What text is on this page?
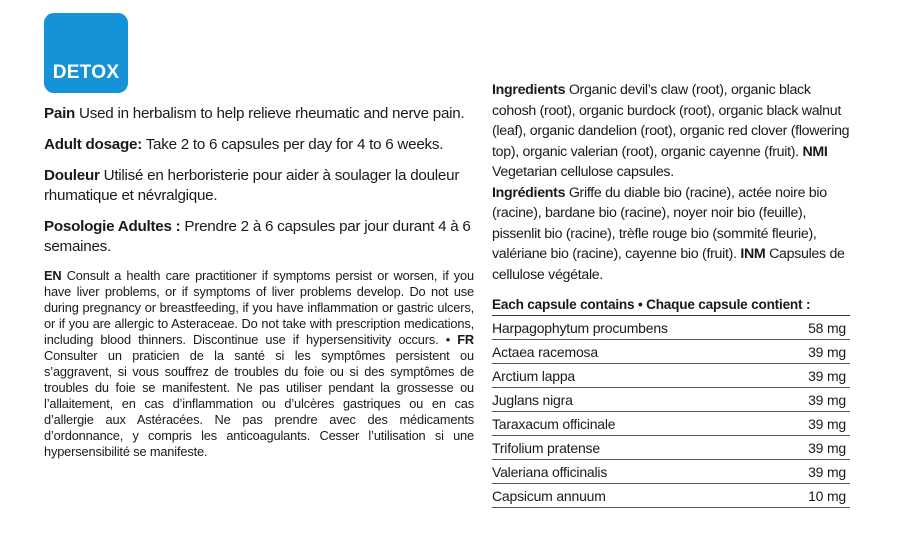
DETOX

Pain Used in herbalism to help relieve rheumatic and nerve pain.

Adult dosage: Take 2 to 6 capsules per day for 4 to 6 weeks.

Douleur Utilisé en herboristerie pour aider à soulager la douleur rhumatique et névralgique.

Posologie Adultes : Prendre 2 à 6 capsules par jour durant 4 à 6 semaines.

EN Consult a health care practitioner if symptoms persist or worsen, if you have liver problems, or if symptoms of liver problems develop. Do not use during pregnancy or breastfeeding, if you have inflammation or gastric ulcers, or if you are allergic to Asteraceae. Do not take with prescription medications, including blood thinners. Discontinue use if hypersensitivity occurs. • FR Consulter un praticien de la santé si les symptômes persistent ou s’aggravent, si vous souffrez de troubles du foie ou si des symptômes de troubles du foie se manifestent. Ne pas utiliser pendant la grossesse ou l’allaitement, en cas d’inflammation ou d’ulcères gastriques ou en cas d’allergie aux Astéracées. Ne pas prendre avec des médicaments d’ordonnance, y compris les anticoagulants. Cesser l’utilisation si une hypersensibilité se manifeste.

Ingredients Organic devil’s claw (root), organic black cohosh (root), organic burdock (root), organic black walnut (leaf), organic dandelion (root), organic red clover (flowering top), organic valerian (root), organic cayenne (fruit). NMI Vegetarian cellulose capsules.

Ingrédients Griffe du diable bio (racine), actée noire bio (racine), bardane bio (racine), noyer noir bio (feuille), pissenlit bio (racine), trèfle rouge bio (sommité fleurie), valériane bio (racine), cayenne bio (fruit). INM Capsules de cellulose végétale.

Each capsule contains • Chaque capsule contient :
Harpagophytum procumbens	58 mg
Actaea racemosa	39 mg
Arctium lappa	39 mg
Juglans nigra	39 mg
Taraxacum officinale	39 mg
Trifolium pratense	39 mg
Valeriana officinalis	39 mg
Capsicum annuum	10 mg
